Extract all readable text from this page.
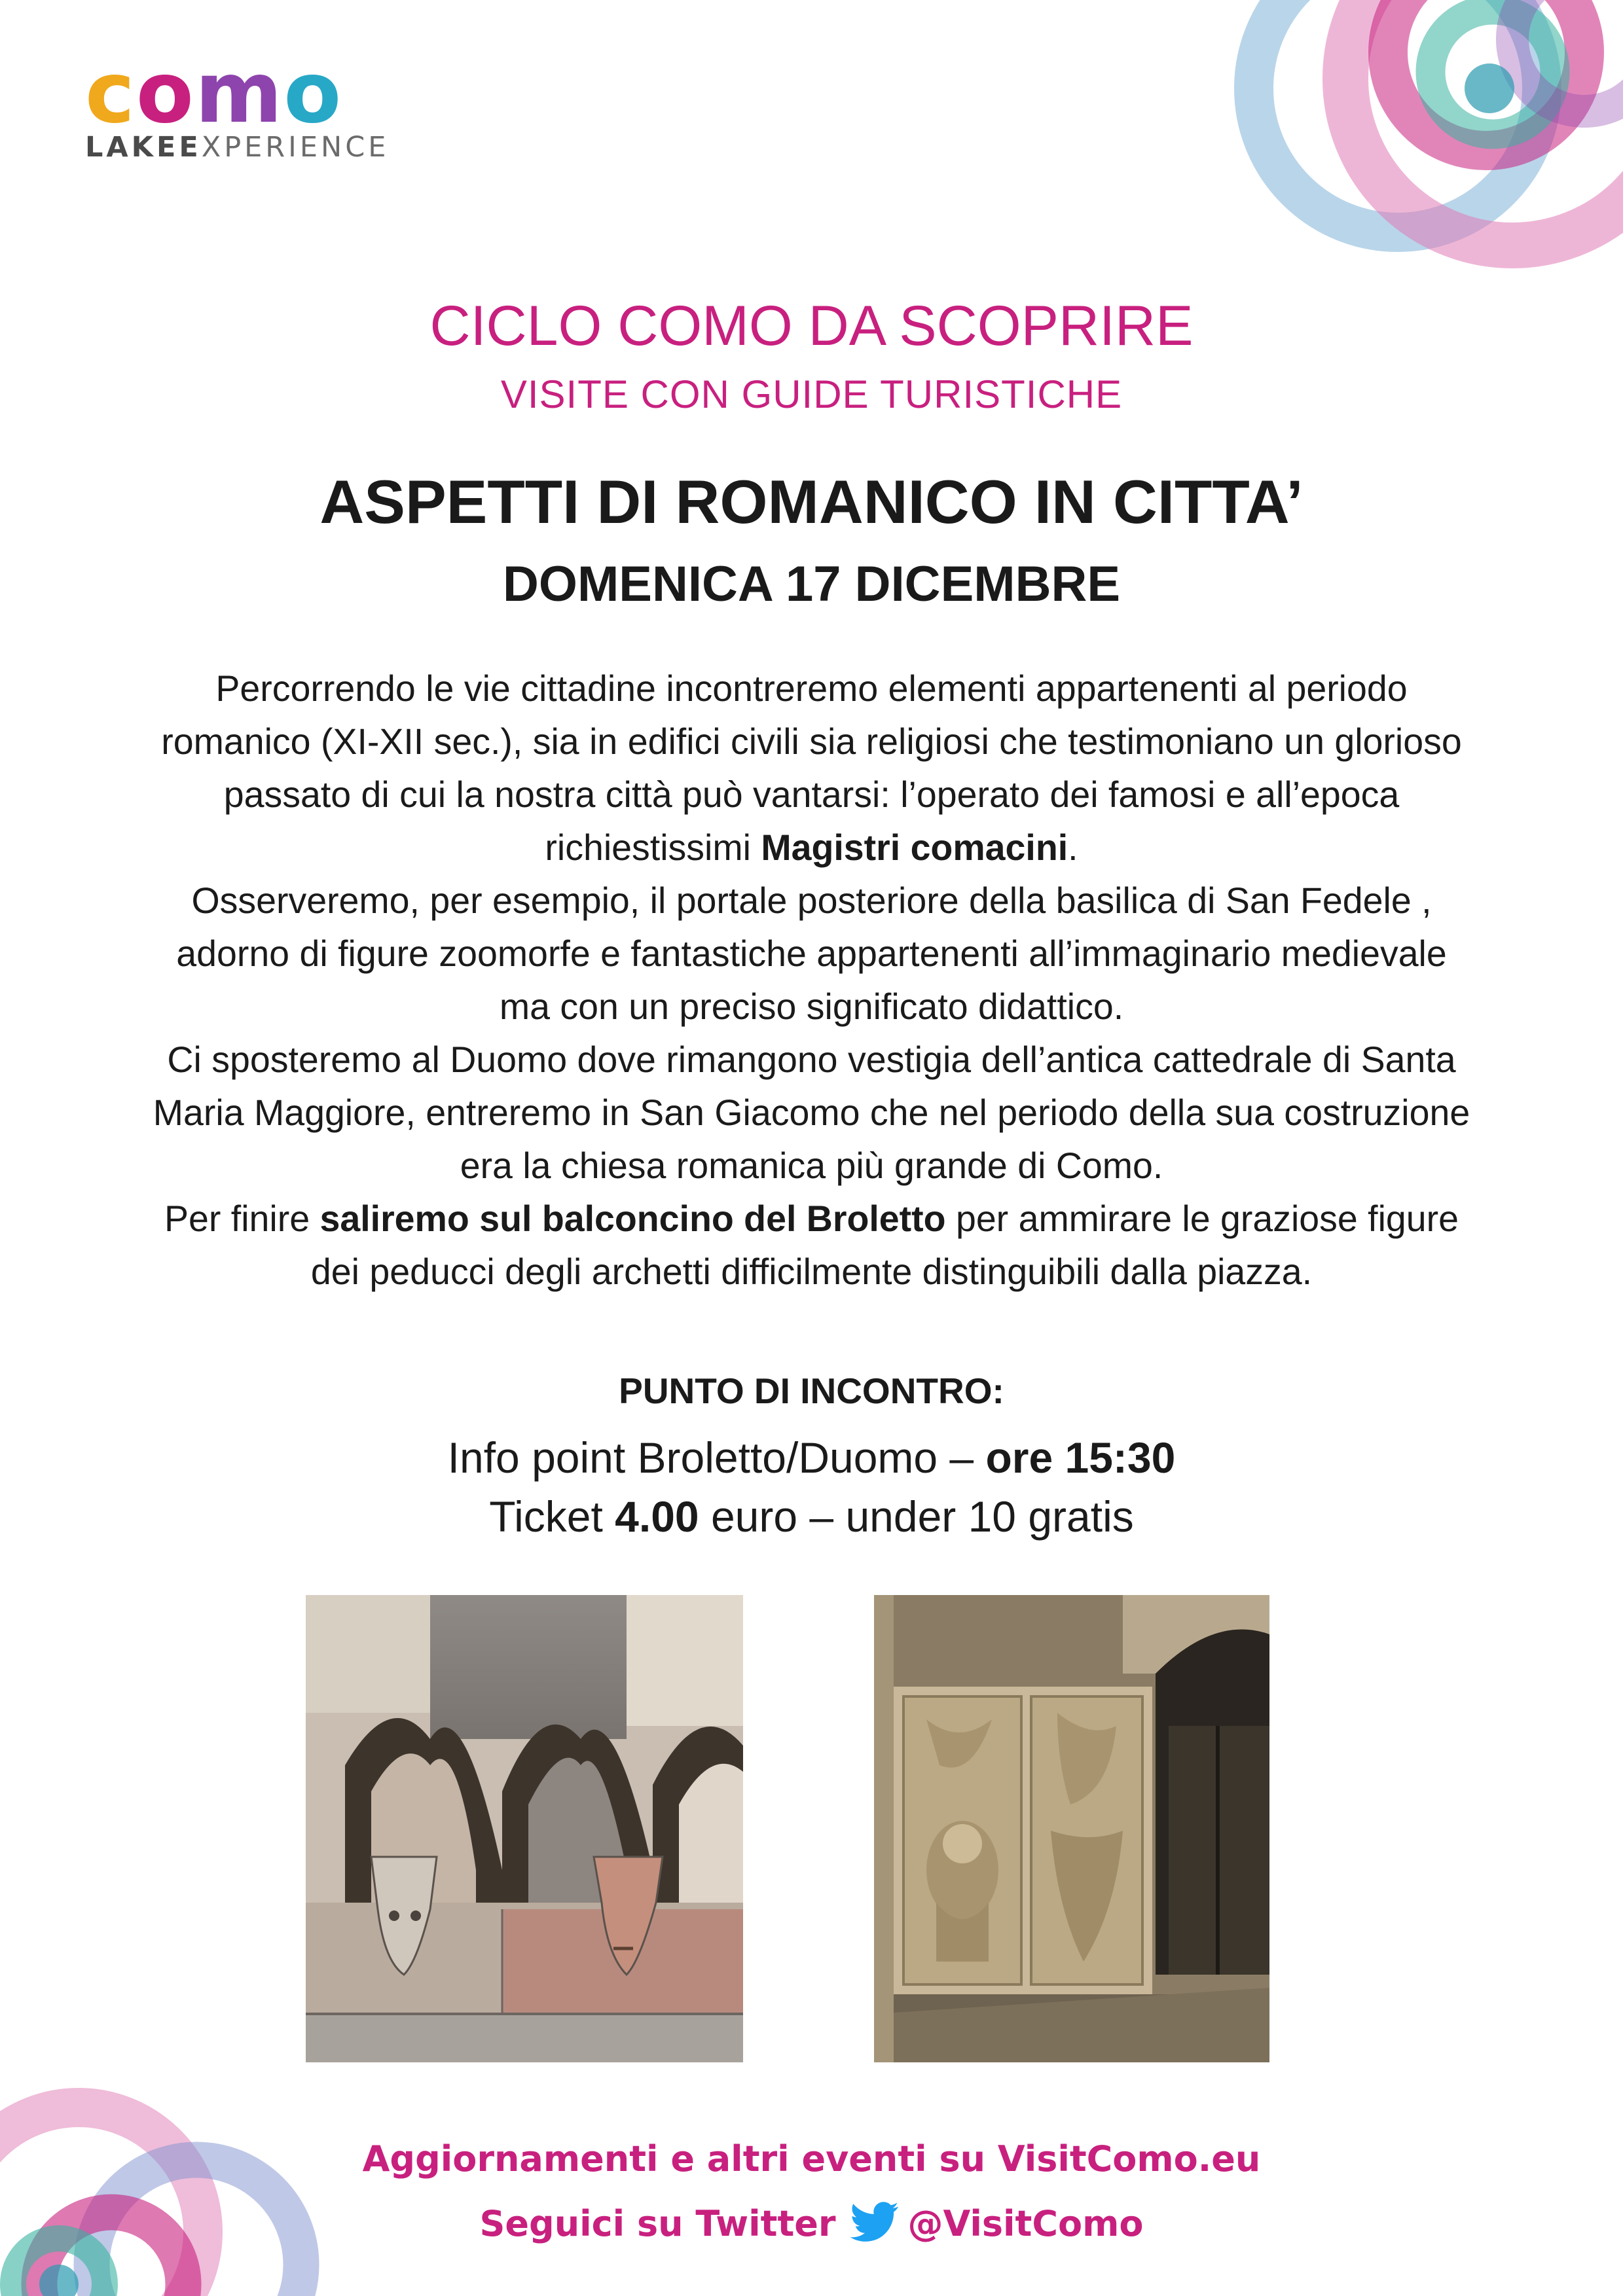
como
LAKEEXPERIENCE
CICLO COMO DA SCOPRIRE
VISITE CON GUIDE TURISTICHE
ASPETTI DI ROMANICO IN CITTA’
DOMENICA 17 DICEMBRE

Percorrendo le vie cittadine incontreremo elementi appartenenti al periodo romanico (XI-XII sec.), sia in edifici civili sia religiosi che testimoniano un glorioso passato di cui la nostra città può vantarsi: l’operato dei famosi e all’epoca richiestissimi Magistri comacini.

Osserveremo, per esempio, il portale posteriore della basilica di San Fedele , adorno di figure zoomorfe e fantastiche appartenenti all’immaginario medievale ma con un preciso significato didattico.

Ci sposteremo al Duomo dove rimangono vestigia dell’antica cattedrale di Santa Maria Maggiore, entreremo in San Giacomo che nel periodo della sua costruzione era la chiesa romanica più grande di Como.

Per finire saliremo sul balconcino del Broletto per ammirare le graziose figure dei peducci degli archetti difficilmente distinguibili dalla piazza.

PUNTO DI INCONTRO:
Info point Broletto/Duomo – ore 15:30
Ticket 4.00 euro – under 10 gratis
Aggiornamenti e altri eventi su VisitComo.eu
Seguici su Twitter @VisitComo
